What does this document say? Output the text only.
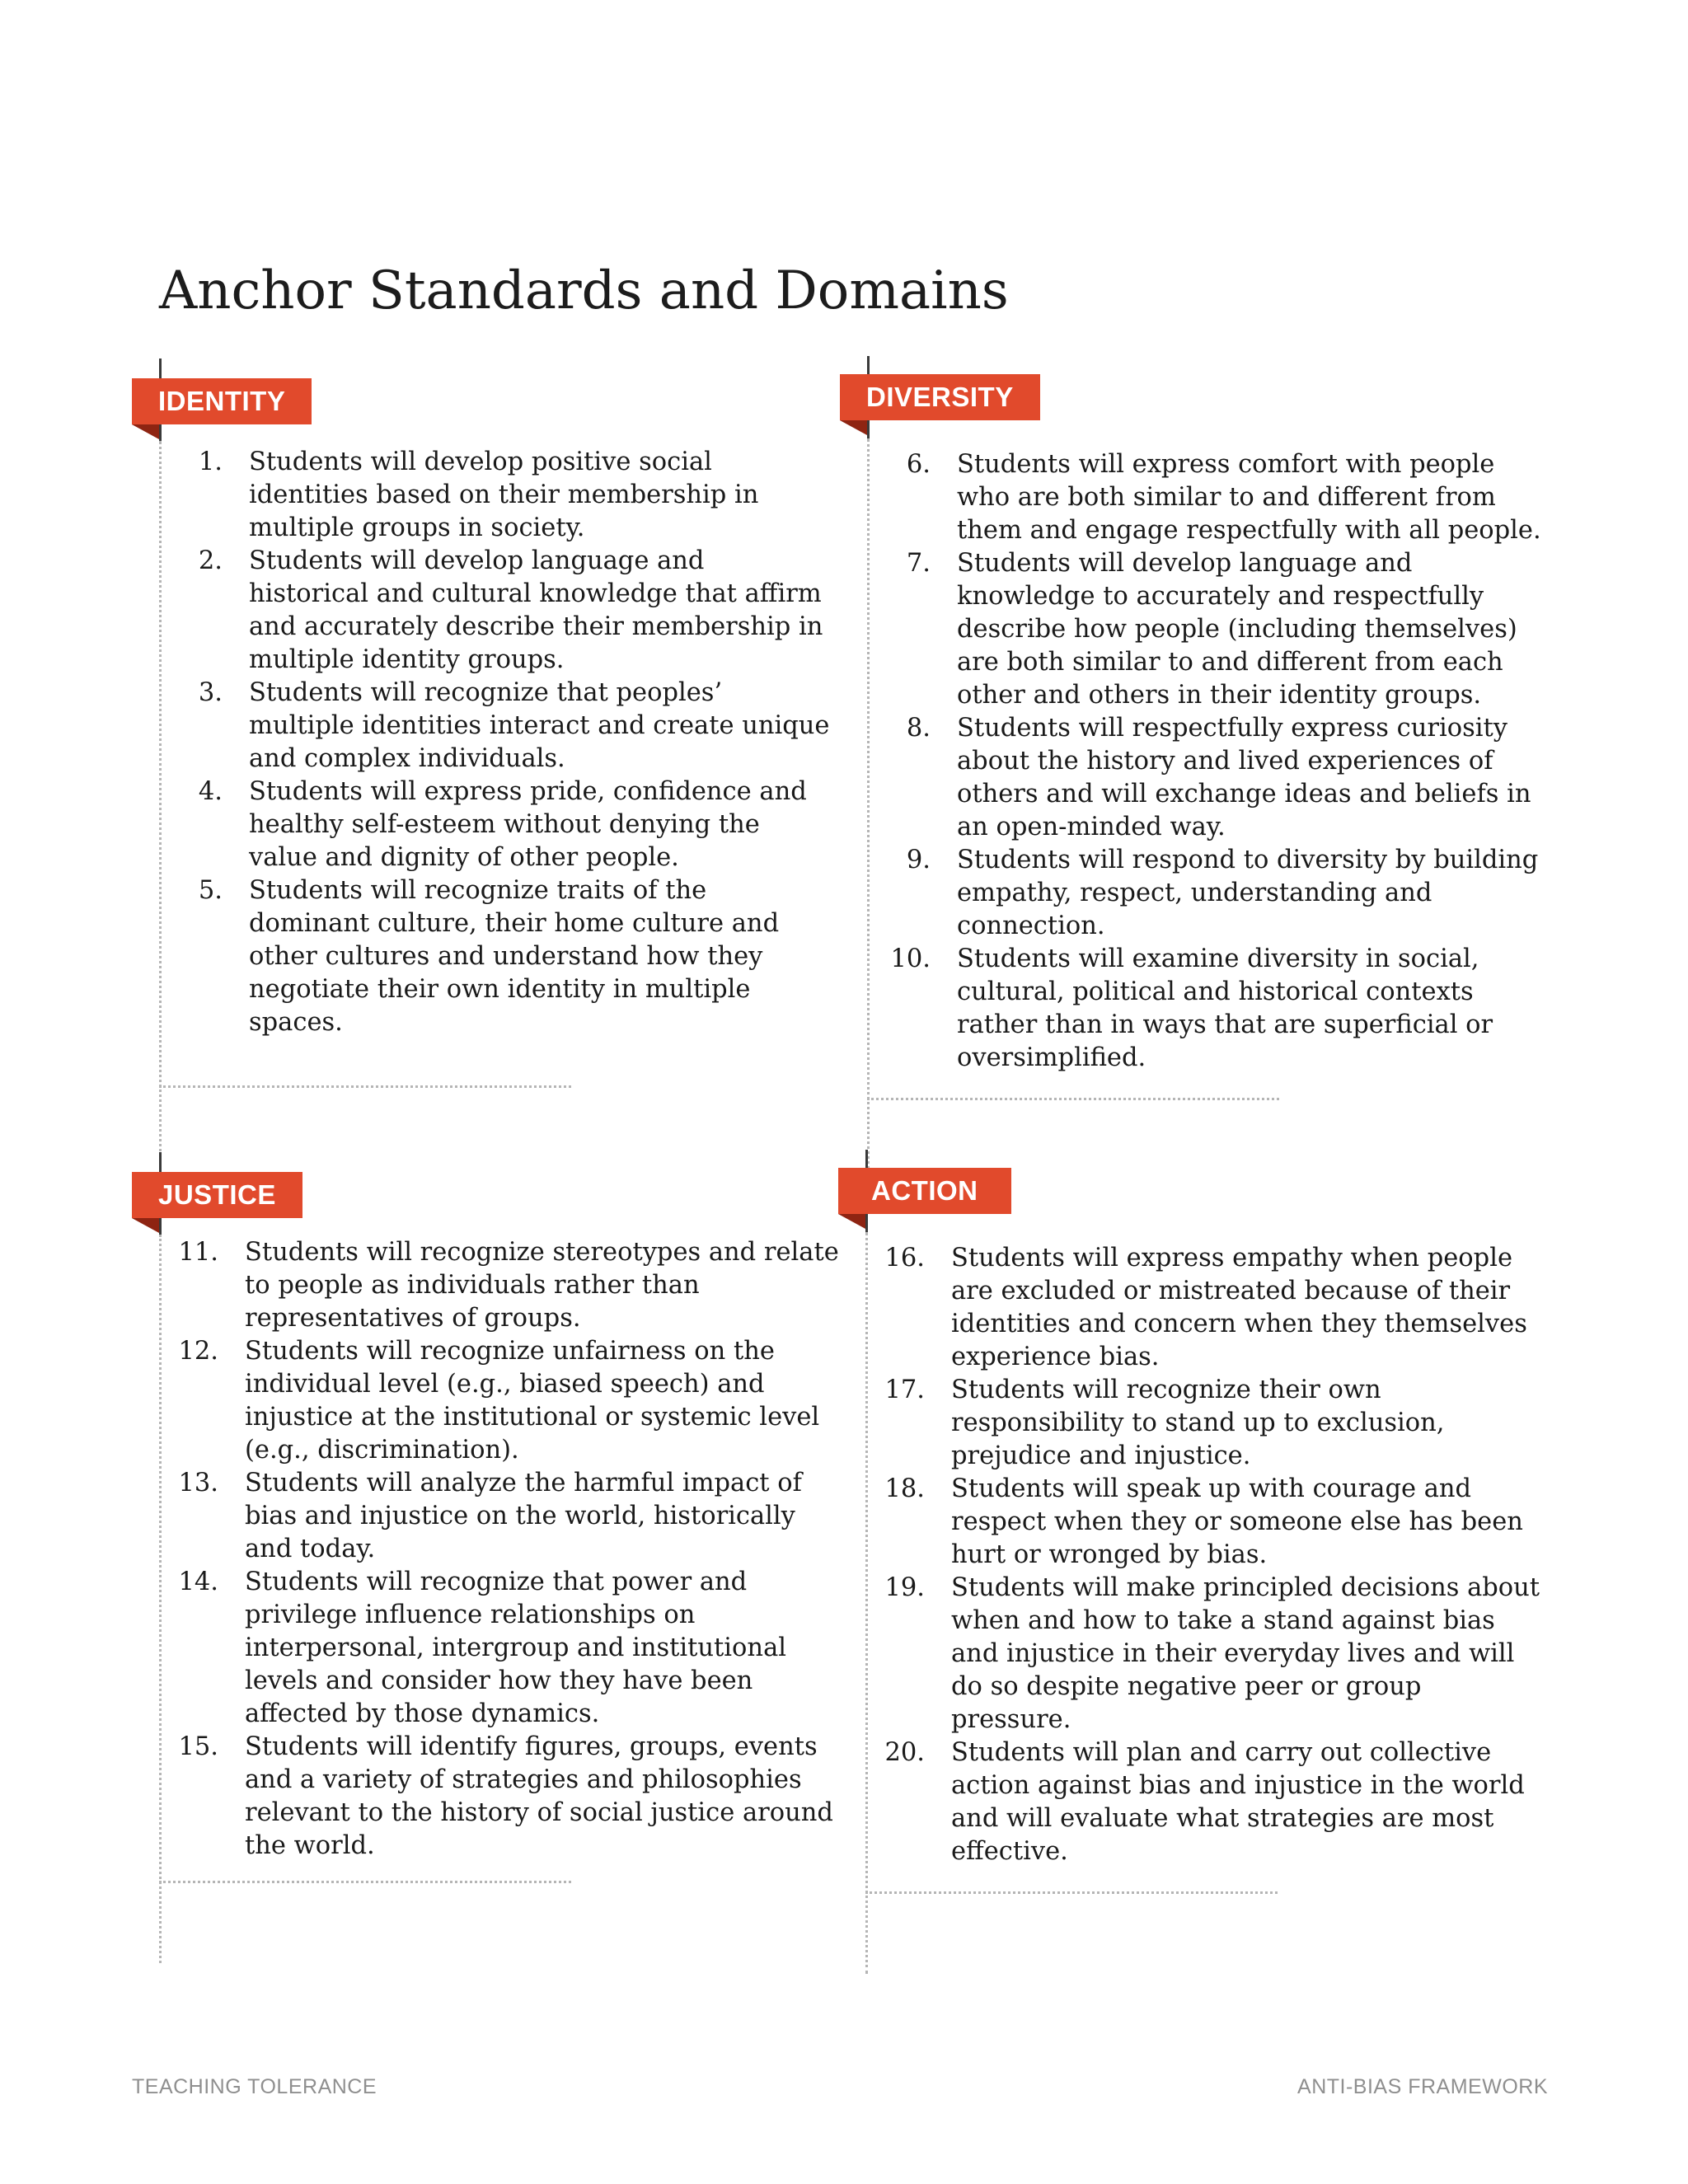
Anchor Standards and Domains
IDENTITY
1.	Students will develop positive social identities based on their membership in multiple groups in society.
2.	Students will develop language and historical and cultural knowledge that affirm and accurately describe their membership in multiple identity groups.
3.	Students will recognize that peoples’ multiple identities interact and create unique and complex individuals.
4.	Students will express pride, confidence and healthy self-esteem without denying the value and dignity of other people.
5.	Students will recognize traits of the dominant culture, their home culture and other cultures and understand how they negotiate their own identity in multiple spaces.
DIVERSITY
6.	Students will express comfort with people who are both similar to and different from them and engage respectfully with all people.
7.	Students will develop language and knowledge to accurately and respectfully describe how people (including themselves) are both similar to and different from each other and others in their identity groups.
8.	Students will respectfully express curiosity about the history and lived experiences of others and will exchange ideas and beliefs in an open-minded way.
9.	Students will respond to diversity by building empathy, respect, understanding and connection.
10.	Students will examine diversity in social, cultural, political and historical contexts rather than in ways that are superficial or oversimplified.
JUSTICE
11.	Students will recognize stereotypes and relate to people as individuals rather than representatives of groups.
12.	Students will recognize unfairness on the individual level (e.g., biased speech) and injustice at the institutional or systemic level (e.g., discrimination).
13.	Students will analyze the harmful impact of bias and injustice on the world, historically and today.
14.	Students will recognize that power and privilege influence relationships on interpersonal, intergroup and institutional levels and consider how they have been affected by those dynamics.
15.	Students will identify figures, groups, events and a variety of strategies and philosophies relevant to the history of social justice around the world.
ACTION
16.	Students will express empathy when people are excluded or mistreated because of their identities and concern when they themselves experience bias.
17.	Students will recognize their own responsibility to stand up to exclusion, prejudice and injustice.
18.	Students will speak up with courage and respect when they or someone else has been hurt or wronged by bias.
19.	Students will make principled decisions about when and how to take a stand against bias and injustice in their everyday lives and will do so despite negative peer or group pressure.
20.	Students will plan and carry out collective action against bias and injustice in the world and will evaluate what strategies are most effective.
TEACHING TOLERANCE	ANTI-BIAS FRAMEWORK
